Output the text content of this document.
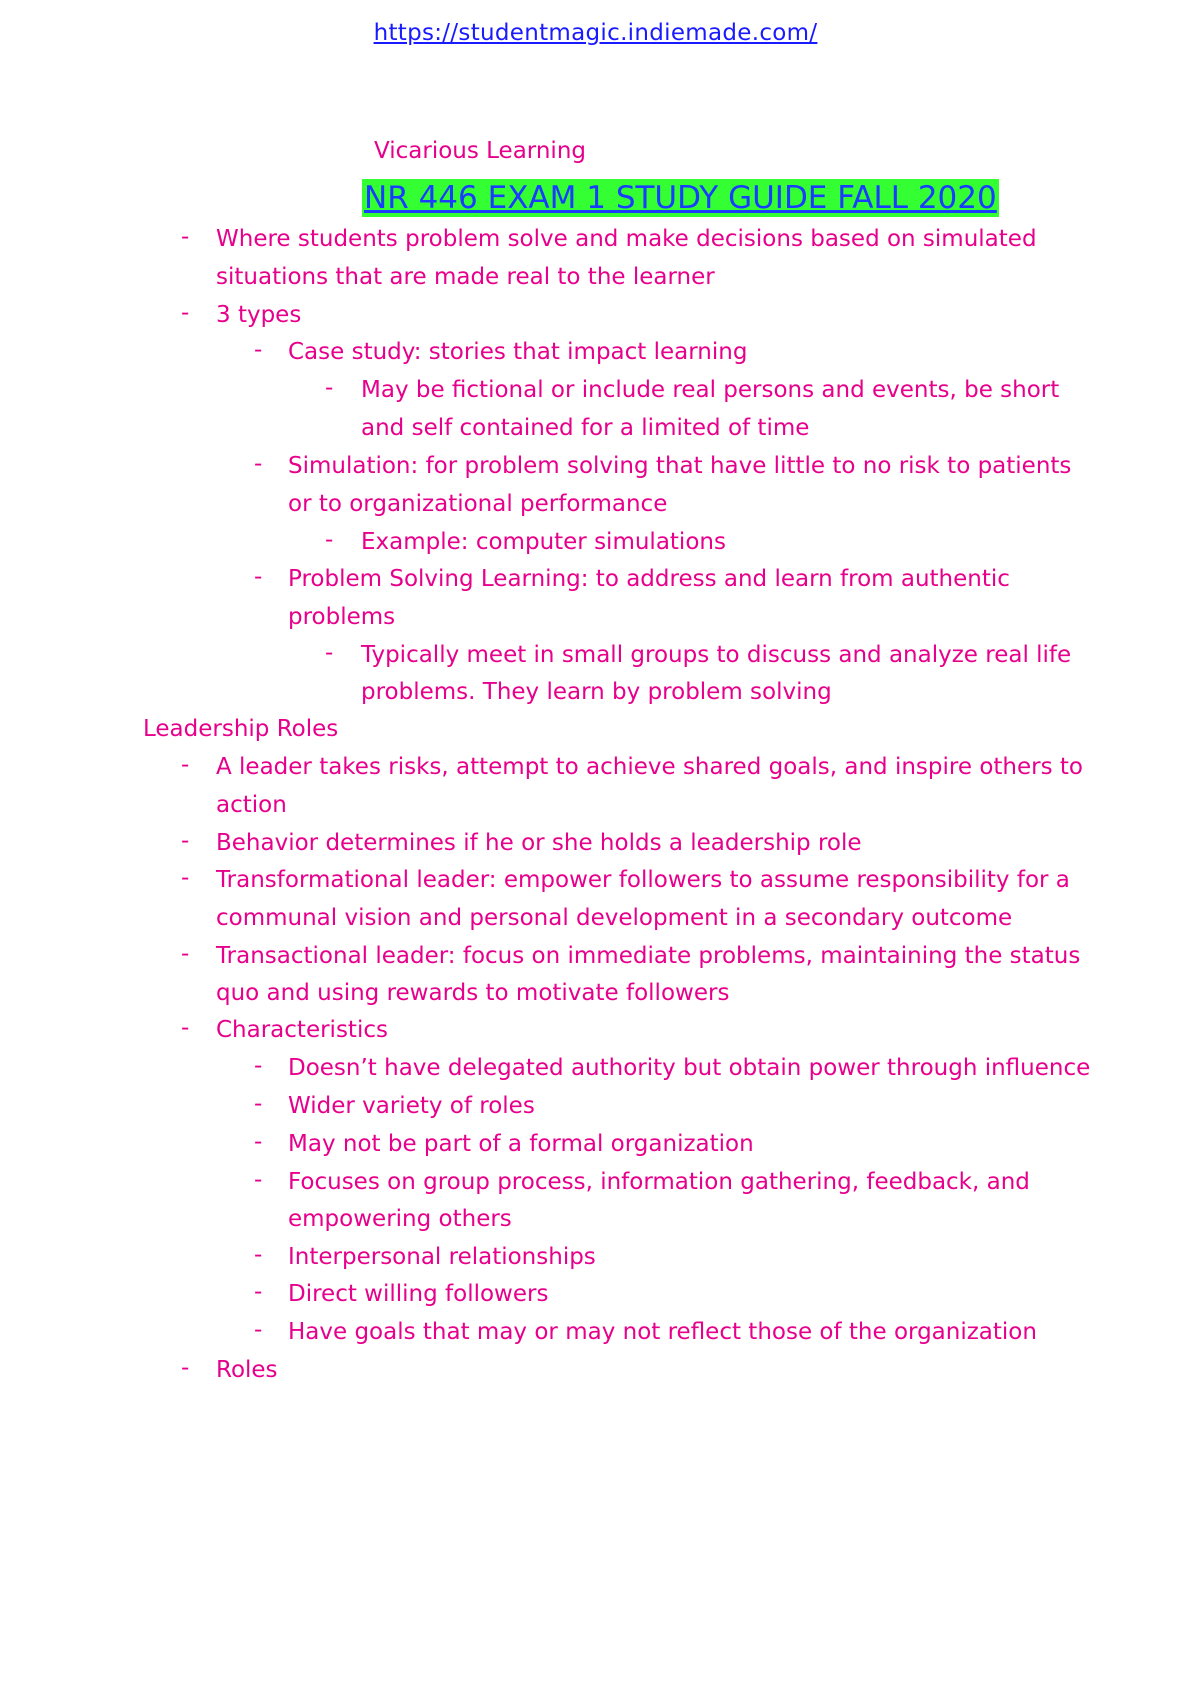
https://studentmagic.indiemade.com/
Vicarious Learning
NR 446 EXAM 1 STUDY GUIDE FALL 2020
- Where students problem solve and make decisions based on simulated
situations that are made real to the learner
- 3 types
- Case study: stories that impact learning
- May be fictional or include real persons and events, be short
and self contained for a limited of time
- Simulation: for problem solving that have little to no risk to patients
or to organizational performance
- Example: computer simulations
- Problem Solving Learning: to address and learn from authentic
problems
- Typically meet in small groups to discuss and analyze real life
problems. They learn by problem solving
Leadership Roles
- A leader takes risks, attempt to achieve shared goals, and inspire others to
action
- Behavior determines if he or she holds a leadership role
- Transformational leader: empower followers to assume responsibility for a
communal vision and personal development in a secondary outcome
- Transactional leader: focus on immediate problems, maintaining the status
quo and using rewards to motivate followers
- Characteristics
- Doesn’t have delegated authority but obtain power through influence
- Wider variety of roles
- May not be part of a formal organization
- Focuses on group process, information gathering, feedback, and
empowering others
- Interpersonal relationships
- Direct willing followers
- Have goals that may or may not reflect those of the organization
- Roles
